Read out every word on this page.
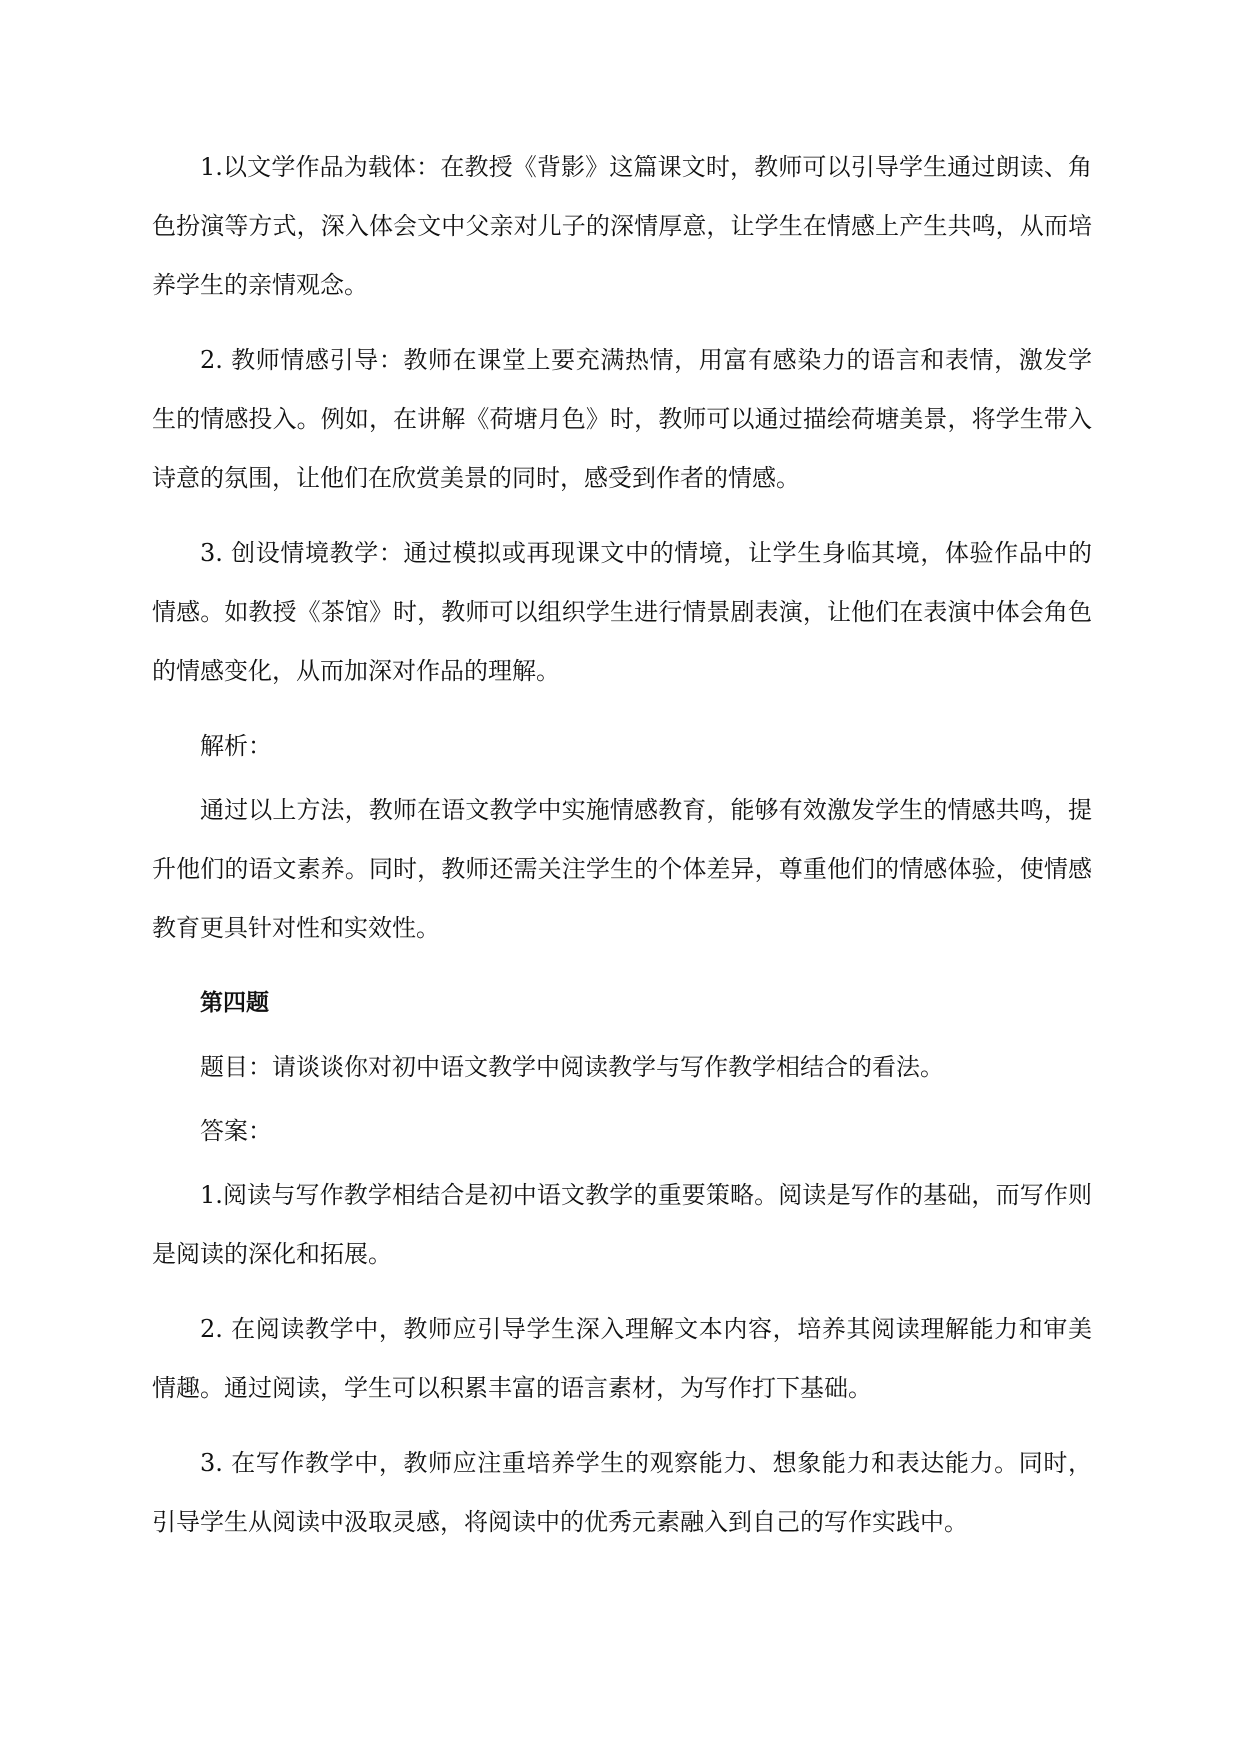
1.以文学作品为载体：在教授《背影》这篇课文时，教师可以引导学生通过朗读、角色扮演等方式，深入体会文中父亲对儿子的深情厚意，让学生在情感上产生共鸣，从而培养学生的亲情观念。

2. 教师情感引导：教师在课堂上要充满热情，用富有感染力的语言和表情，激发学生的情感投入。例如，在讲解《荷塘月色》时，教师可以通过描绘荷塘美景，将学生带入诗意的氛围，让他们在欣赏美景的同时，感受到作者的情感。

3. 创设情境教学：通过模拟或再现课文中的情境，让学生身临其境，体验作品中的情感。如教授《茶馆》时，教师可以组织学生进行情景剧表演，让他们在表演中体会角色的情感变化，从而加深对作品的理解。

解析：

通过以上方法，教师在语文教学中实施情感教育，能够有效激发学生的情感共鸣，提升他们的语文素养。同时，教师还需关注学生的个体差异，尊重他们的情感体验，使情感教育更具针对性和实效性。

第四题

题目：请谈谈你对初中语文教学中阅读教学与写作教学相结合的看法。

答案：

1.阅读与写作教学相结合是初中语文教学的重要策略。阅读是写作的基础，而写作则是阅读的深化和拓展。

2. 在阅读教学中，教师应引导学生深入理解文本内容，培养其阅读理解能力和审美情趣。通过阅读，学生可以积累丰富的语言素材，为写作打下基础。

3. 在写作教学中，教师应注重培养学生的观察能力、想象能力和表达能力。同时，引导学生从阅读中汲取灵感，将阅读中的优秀元素融入到自己的写作实践中。
